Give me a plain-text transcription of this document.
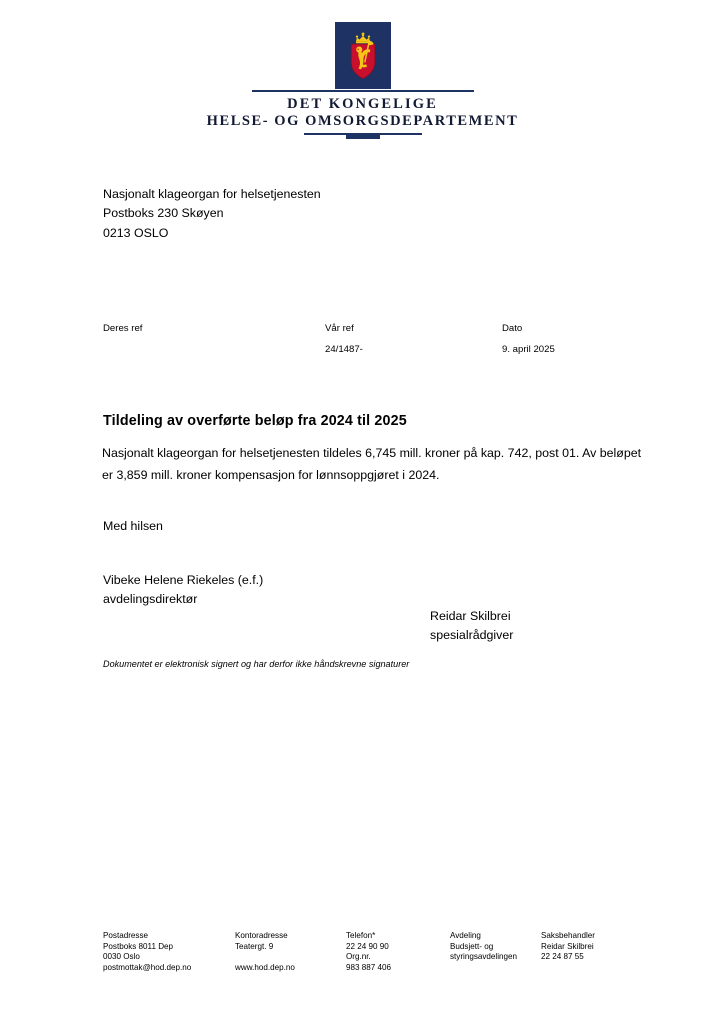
DET KONGELIGE
HELSE- OG OMSORGSDEPARTEMENT
Nasjonalt klageorgan for helsetjenesten
Postboks 230 Skøyen
0213 OSLO
Deres ref	Vår ref
24/1487-
Dato
9. april 2025
Tildeling av overførte beløp fra 2024 til 2025
Nasjonalt klageorgan for helsetjenesten tildeles 6,745 mill. kroner på kap. 742, post 01. Av beløpet er 3,859 mill. kroner kompensasjon for lønnsoppgjøret i 2024.
Med hilsen
Vibeke Helene Riekeles (e.f.)
avdelingsdirektør
Reidar Skilbrei
spesialrådgiver
Dokumentet er elektronisk signert og har derfor ikke håndskrevne signaturer
Postadresse
Postboks 8011 Dep
0030 Oslo
postmottak@hod.dep.no
Kontoradresse
Teatergt. 9
www.hod.dep.no
Telefon*
22 24 90 90
Org.nr.
983 887 406
Avdeling
Budsjett- og
styringsavdelingen
Saksbehandler
Reidar Skilbrei
22 24 87 55
